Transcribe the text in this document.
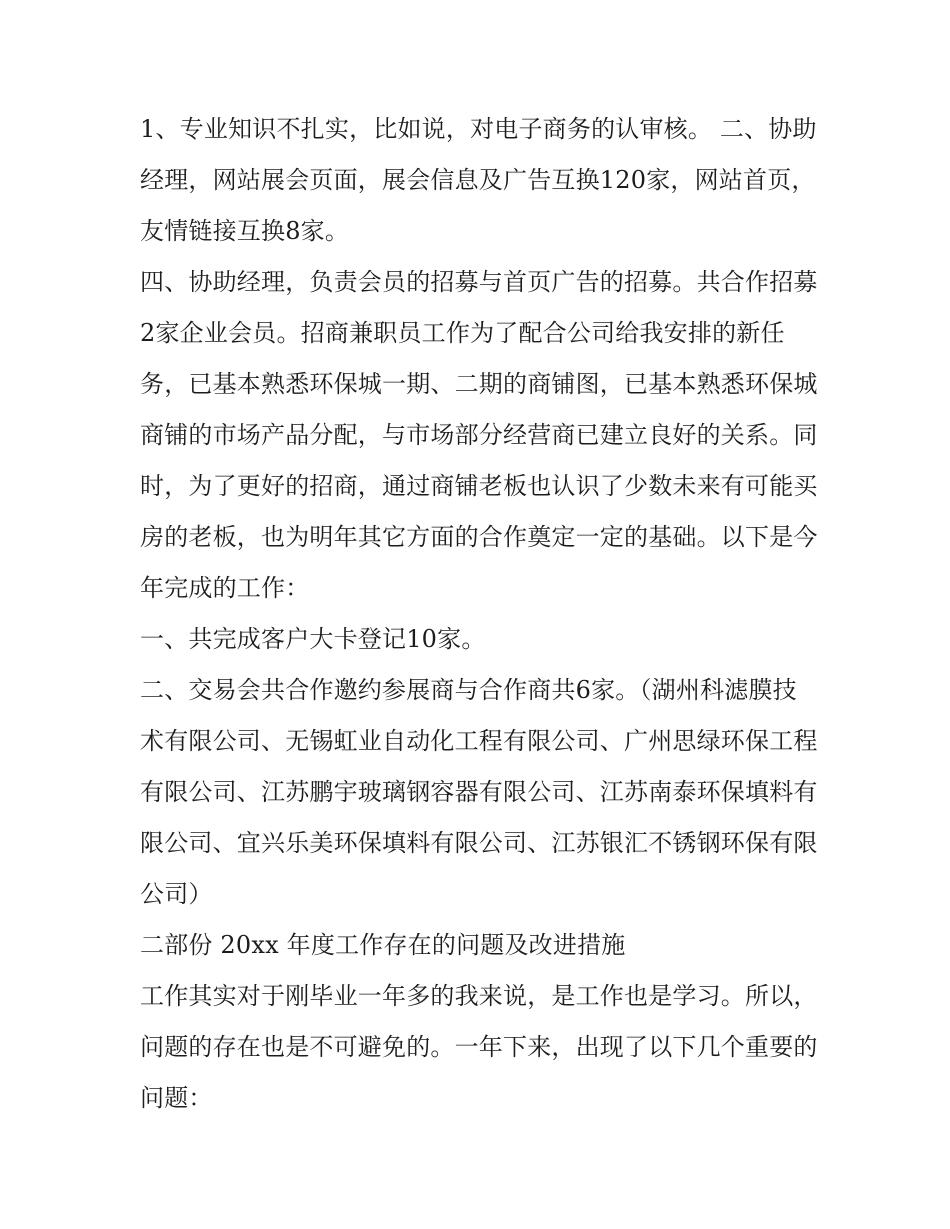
1、专业知识不扎实，比如说，对电子商务的认审核。 二、协助经理，网站展会页面，展会信息及广告互换120家，网站首页，友情链接互换8家。

四、协助经理，负责会员的招募与首页广告的招募。共合作招募2家企业会员。招商兼职员工作为了配合公司给我安排的新任务，已基本熟悉环保城一期、二期的商铺图，已基本熟悉环保城商铺的市场产品分配，与市场部分经营商已建立良好的关系。同时，为了更好的招商，通过商铺老板也认识了少数未来有可能买房的老板，也为明年其它方面的合作奠定一定的基础。以下是今年完成的工作：

一、共完成客户大卡登记10家。

二、交易会共合作邀约参展商与合作商共6家。（湖州科滤膜技术有限公司、无锡虹业自动化工程有限公司、广州思绿环保工程有限公司、江苏鹏宇玻璃钢容器有限公司、江苏南泰环保填料有限公司、宜兴乐美环保填料有限公司、江苏银汇不锈钢环保有限公司）

二部份 20xx 年度工作存在的问题及改进措施

工作其实对于刚毕业一年多的我来说，是工作也是学习。所以，问题的存在也是不可避免的。一年下来，出现了以下几个重要的问题：
